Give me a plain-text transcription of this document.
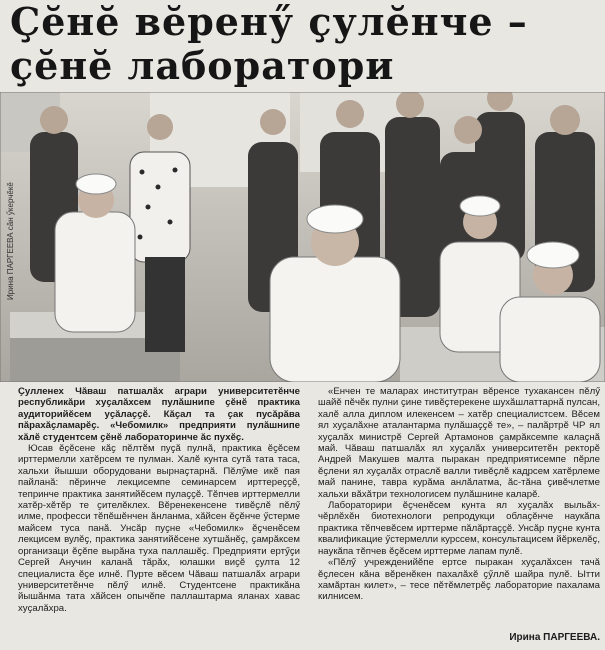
Ҫӗнӗ вӗренӳ ҫулӗнче –
ҫӗнӗ лаборатори
Ирина ПАРГЕЕВА сӑн ӳкерчӗкӗ

Ҫулленех Чӑваш патшалӑх аграри университетӗнче республикӑри хуҫалӑхсем пулӑшнипе ҫӗнӗ практика аудиторийӗсем уҫӑлаҫҫӗ. Кӑҫал та ҫак пусӑрӑва пӑрахӑҫламарӗҫ. «Чебомилк» предприяти пулӑшнипе хӑлӗ студентсем ҫӗнӗ лабораторинче ӑс пухӗҫ.

Юсав ӗҫӗсене кӑҫ пӗлтӗм пуҫӑ пулнӑ, практика ӗҫӗсем ирттермелли хатӗрсем те пулман. Халӗ кунта сутӑ тата таса, хальхи йышши оборудовани вырнаҫтарнӑ. Пӗлӳме икӗ пая пайланӑ: пӗринче лекцисемпе семинарсем ирттереҫҫӗ, тепринче практика занятийӗсем пулаҫҫӗ. Тӗпчев ирттермелли хатӗр-хӗтӗр те ҫителӗклех. Вӗренекенсене тивӗҫлӗ пӗлӳ илме, професси тӗпӗшӗнчен ӑнланма, хӑйсен ӗҫӗнче ӳстерме майсем туса панӑ. Унсӑр пуҫне «Чебомилк» ӗҫченӗсем лекцисем вулӗҫ, практика занятийӗсене хутшӑнӗҫ, ҫамрӑксем организаци ӗҫӗпе вырӑна туха паллашӗҫ. Предприяти ертӳҫи Сергей Анучин каланӑ тӑрӑх, юлашки виҫӗ ҫулта 12 специалиста ӗҫе илнӗ. Пурте вӗсем Чӑваш патшалӑх аграри университетӗнче пӗлӳ илнӗ. Студентсене практикӑна йышӑнма тата хӑйсен опычӗпе паллаштарма яланах хавас хуҫалӑхра.

«Енчен те маларах институтран вӗренсе тухакансен пӗлӳ шайӗ пӗчӗк пулни ҫине тивӗҫтерекене шухӑшлаттарнӑ пулсан, халӗ алла диплом илекенсем – хатӗр специалистсем. Вӗсем ял хуҫалӑхне аталантарма пулӑшаҫҫӗ те», – палӑртрӗ ЧР ял хуҫалӑх министрӗ Сергей Артамонов ҫамрӑксемпе калаҫнӑ май. Чӑваш патшалӑх ял хуҫалӑх университетӗн ректорӗ Андрей Макушев малта пыракан предприятисемпе пӗрле ӗҫлени ял хуҫалӑх отраслӗ валли тивӗҫлӗ кадрсем хатӗрлеме май панине, тавра курӑма анлӑлатма, ӑс-тӑна ҫивӗчлетме хальхи вӑхӑтри технологисем пулӑшнине каларӗ.

Лабораторири ӗҫченӗсем кунта ял хуҫалӑх выльӑх-чӗрлӗхӗн биотехнологи репродукци облаҫӗнче наукӑпа практика тӗпчевӗсем ирттерме пӑлӑртаҫҫӗ. Унсӑр пуҫне кунта квалификацие ӳстермелли курссем, консультацисем йӗркелӗҫ, наукӑпа тӗпчев ӗҫӗсем ирттерме лапам пулӗ.

«Пӗлӳ учрежденийӗпе ертсе пыракан хуҫалӑхсен тачӑ ӗҫлесен кӑна вӗренӗкен пахалӑхӗ ҫӳллӗ шайра пулӗ. Ытти хамӑртан килет», – тесе пӗтӗмлетрӗҫ лабораторие пахалама килнисем.

Ирина ПАРГЕЕВА.
